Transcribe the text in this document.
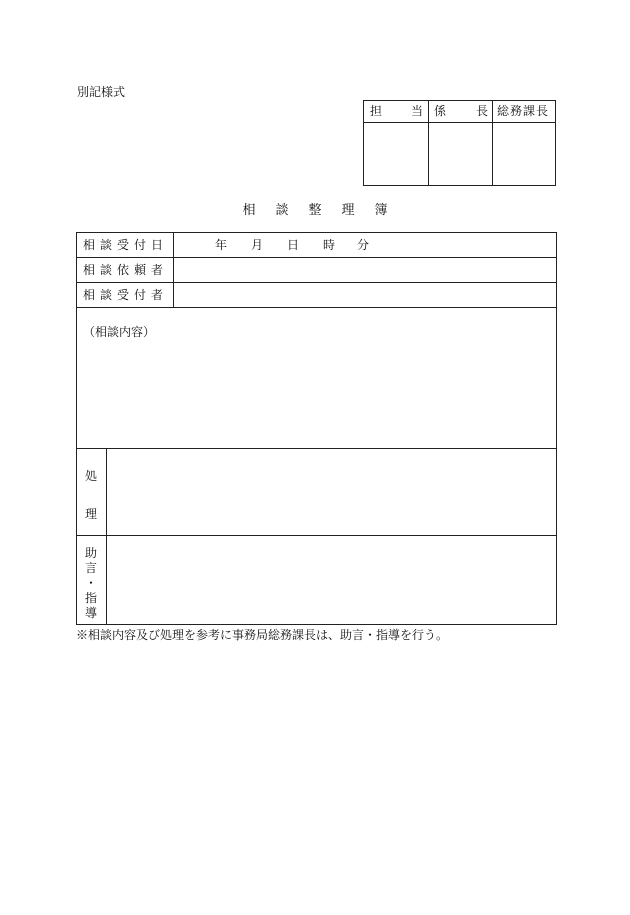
別記様式
担 当 係 長 総務課長
相談整理簿
相談受付日	年 月 日 時 分
相談依頼者
相談受付者
（相談内容）
処
理
助
言
・
指
導
※相談内容及び処理を参考に事務局総務課長は、助言・指導を行う。
